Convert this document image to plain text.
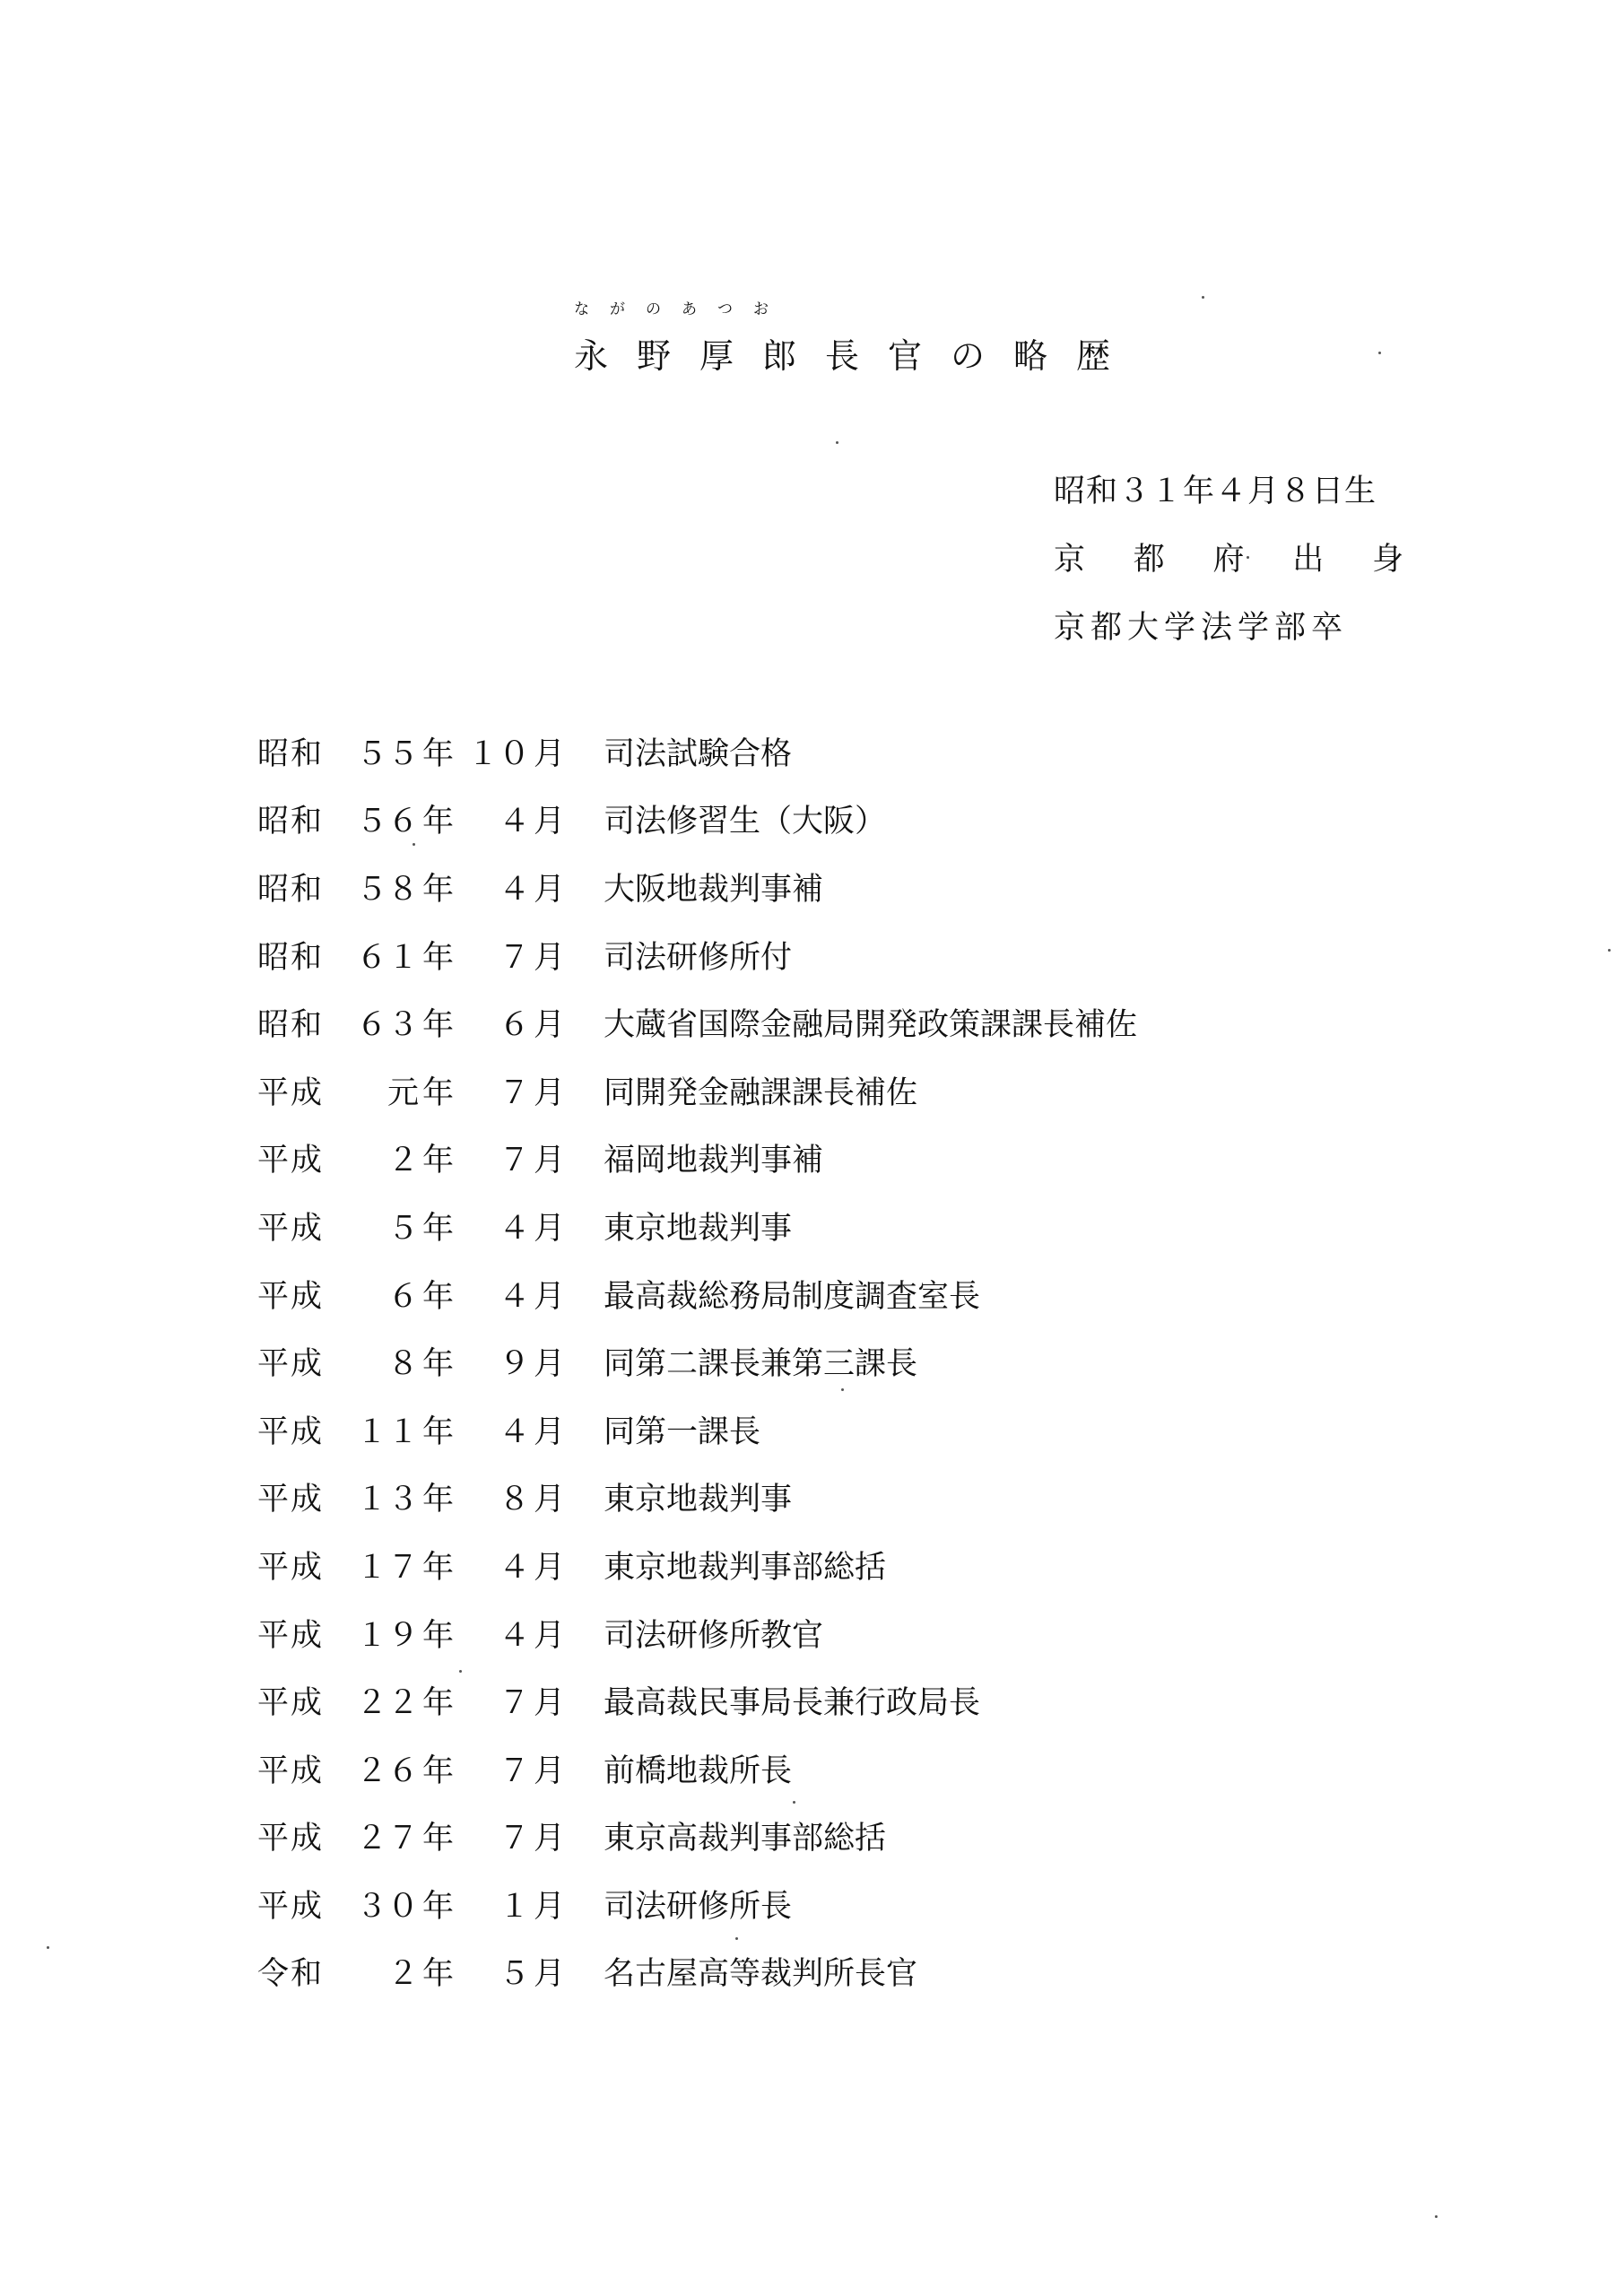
ながのあつお
永野厚郎長官の略歴
昭和３１年４月８日生
京 都 府 出 身
京都大学法学部卒
昭和	５５ 年 １０ 月 司法試験合格
昭和	５６ 年	４ 月 司法修習生（大阪）
昭和	５８ 年	４ 月 大阪地裁判事補
昭和	６１ 年	７ 月 司法研修所付
昭和	６３ 年	６ 月 大蔵省国際金融局開発政策課課長補佐
平成	元 年	７ 月 同開発金融課課長補佐
平成	２ 年	７ 月 福岡地裁判事補
平成	５ 年	４ 月 東京地裁判事
平成	６ 年	４ 月 最高裁総務局制度調査室長
平成	８ 年	９ 月 同第二課長兼第三課長
平成	１１ 年	４ 月 同第一課長
平成	１３ 年	８ 月 東京地裁判事
平成	１７ 年	４ 月 東京地裁判事部総括
平成	１９ 年	４ 月 司法研修所教官
平成	２２ 年	７ 月 最高裁民事局長兼行政局長
平成	２６ 年	７ 月 前橋地裁所長
平成	２７ 年	７ 月 東京高裁判事部総括
平成	３０ 年	１ 月 司法研修所長
令和	２ 年	５ 月 名古屋高等裁判所長官
